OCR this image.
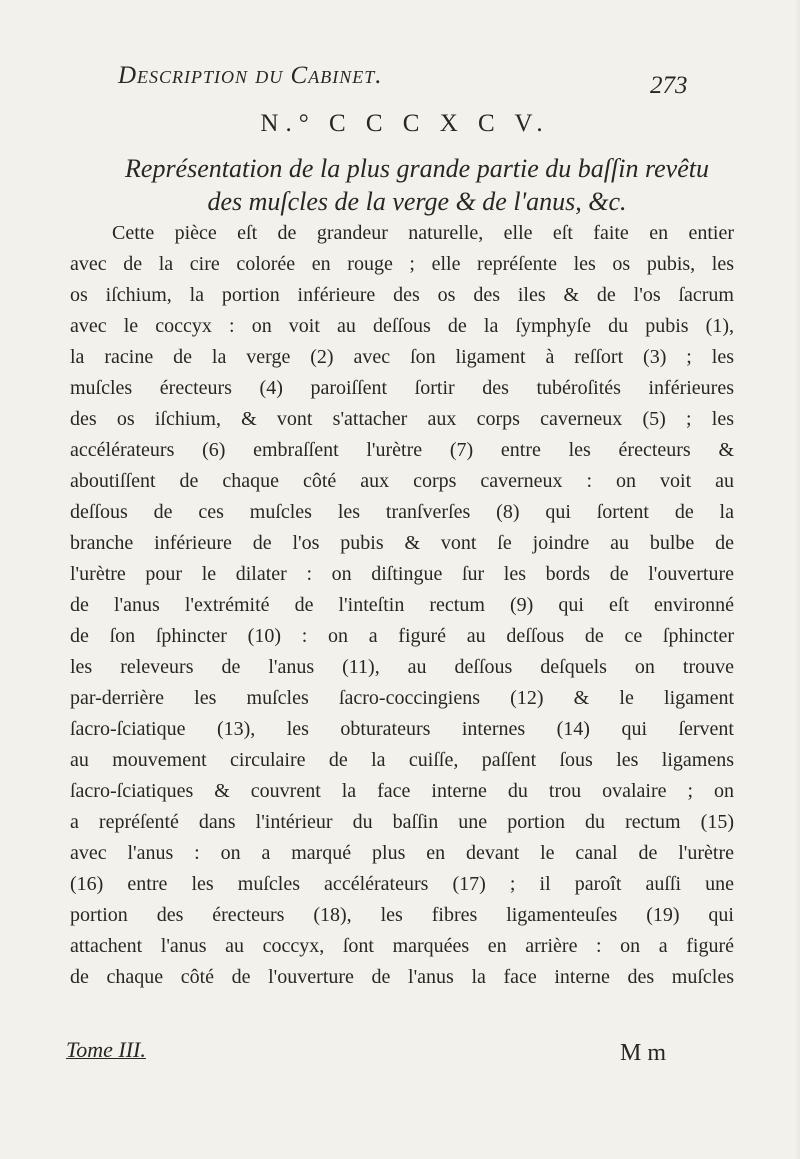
Description du Cabinet.	273
N.° C C C X C V.
Représentation de la plus grande partie du baſſin revêtu
des muſcles de la verge & de l'anus, &c.
Cette pièce eſt de grandeur naturelle, elle eſt faite en entier
avec de la cire colorée en rouge ; elle repréſente les os pubis, les
os iſchium, la portion inférieure des os des iles & de l'os ſacrum
avec le coccyx : on voit au deſſous de la ſymphyſe du pubis (1),
la racine de la verge (2) avec ſon ligament à reſſort (3) ; les
muſcles érecteurs (4) paroiſſent ſortir des tubéroſités inférieures
des os iſchium, & vont s'attacher aux corps caverneux (5) ; les
accélérateurs (6) embraſſent l'urètre (7) entre les érecteurs &
aboutiſſent de chaque côté aux corps caverneux : on voit au
deſſous de ces muſcles les tranſverſes (8) qui ſortent de la
branche inférieure de l'os pubis & vont ſe joindre au bulbe de
l'urètre pour le dilater : on diſtingue ſur les bords de l'ouverture
de l'anus l'extrémité de l'inteſtin rectum (9) qui eſt environné
de ſon ſphincter (10) : on a figuré au deſſous de ce ſphincter
les releveurs de l'anus (11), au deſſous deſquels on trouve
par-derrière les muſcles ſacro-coccingiens (12) & le ligament
ſacro-ſciatique (13), les obturateurs internes (14) qui ſervent
au mouvement circulaire de la cuiſſe, paſſent ſous les ligamens
ſacro-ſciatiques & couvrent la face interne du trou ovalaire ; on
a repréſenté dans l'intérieur du baſſin une portion du rectum (15)
avec l'anus : on a marqué plus en devant le canal de l'urètre
(16) entre les muſcles accélérateurs (17) ; il paroît auſſi une
portion des érecteurs (18), les fibres ligamenteuſes (19) qui
attachent l'anus au coccyx, ſont marquées en arrière : on a figuré
de chaque côté de l'ouverture de l'anus la face interne des muſcles
Tome III.	M m
